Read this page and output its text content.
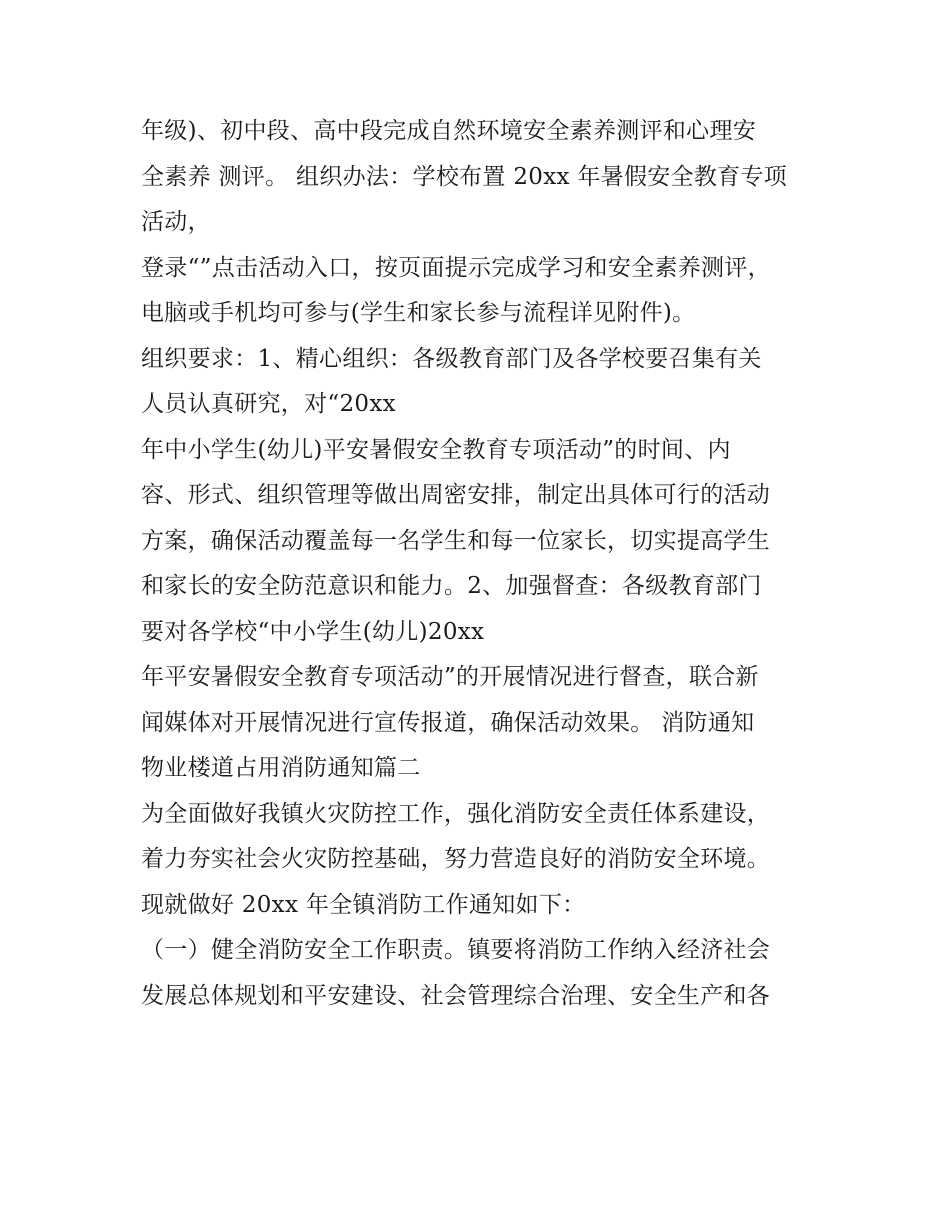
年级)、初中段、高中段完成自然环境安全素养测评和心理安
全素养 测评。 组织办法：学校布置 20xx 年暑假安全教育专项
活动，
登录“”点击活动入口，按页面提示完成学习和安全素养测评，
电脑或手机均可参与(学生和家长参与流程详见附件)。
组织要求：1、精心组织：各级教育部门及各学校要召集有关
人员认真研究，对“20xx
年中小学生(幼儿)平安暑假安全教育专项活动”的时间、内
容、形式、组织管理等做出周密安排，制定出具体可行的活动
方案，确保活动覆盖每一名学生和每一位家长，切实提高学生
和家长的安全防范意识和能力。2、加强督查：各级教育部门
要对各学校“中小学生(幼儿)20xx
年平安暑假安全教育专项活动”的开展情况进行督查，联合新
闻媒体对开展情况进行宣传报道，确保活动效果。 消防通知
物业楼道占用消防通知篇二
为全面做好我镇火灾防控工作，强化消防安全责任体系建设，
着力夯实社会火灾防控基础，努力营造良好的消防安全环境。
现就做好 20xx 年全镇消防工作通知如下：
（一）健全消防安全工作职责。镇要将消防工作纳入经济社会
发展总体规划和平安建设、社会管理综合治理、安全生产和各
